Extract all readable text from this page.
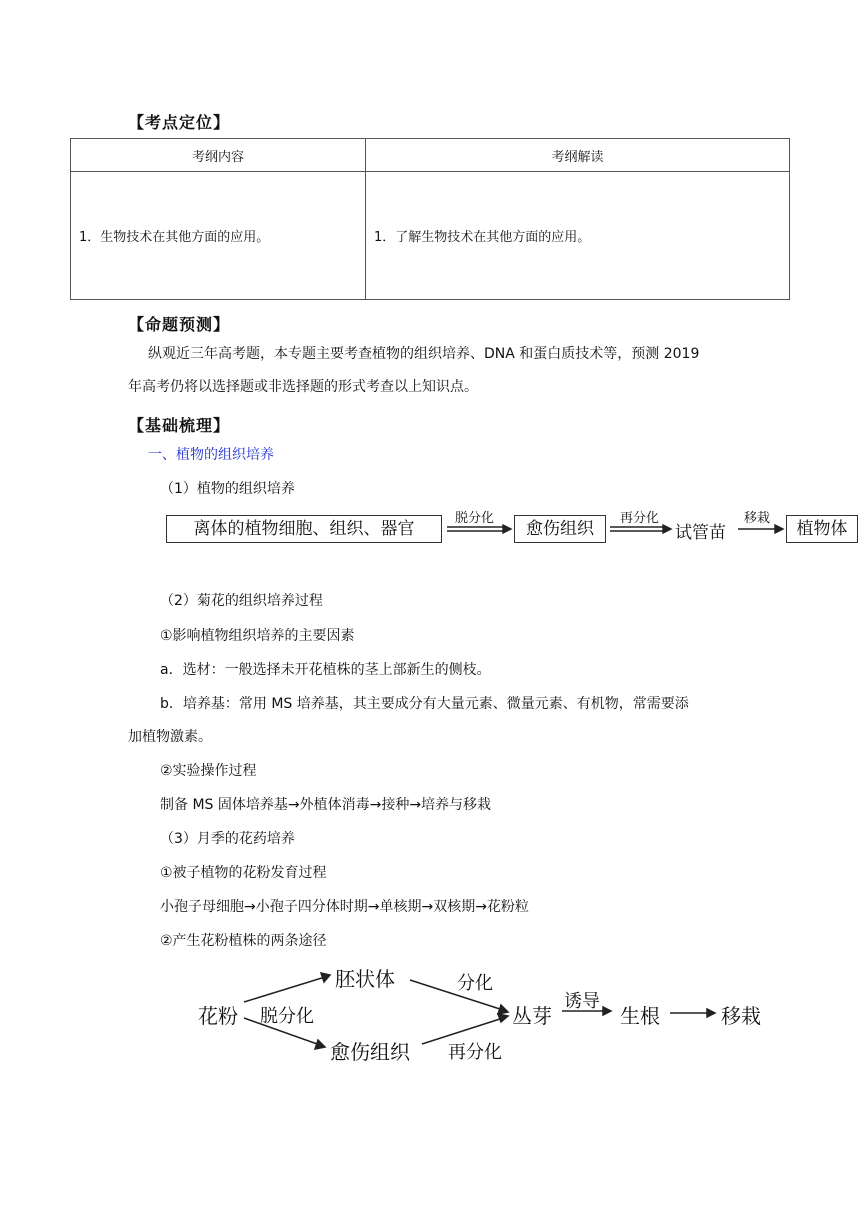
【考点定位】
考纲内容	考纲解读
1．生物技术在其他方面的应用。	1．了解生物技术在其他方面的应用。
【命题预测】
纵观近三年高考题，本专题主要考查植物的组织培养、DNA 和蛋白质技术等，预测 2019
年高考仍将以选择题或非选择题的形式考查以上知识点。
【基础梳理】
一、植物的组织培养
（1）植物的组织培养
离体的植物细胞、组织、器官
脱分化
愈伤组织
再分化
试管苗
移栽
植物体
（2）菊花的组织培养过程
①影响植物组织培养的主要因素
a．选材：一般选择未开花植株的茎上部新生的侧枝。
b．培养基：常用 MS 培养基，其主要成分有大量元素、微量元素、有机物，常需要添
加植物激素。
②实验操作过程
制备 MS 固体培养基→外植体消毒→接种→培养与移栽
（3）月季的花药培养
①被子植物的花粉发育过程
小孢子母细胞→小孢子四分体时期→单核期→双核期→花粉粒
②产生花粉植株的两条途径
花粉
胚状体
愈伤组织
丛芽	生根	移栽
脱分化
分化
再分化
诱导
